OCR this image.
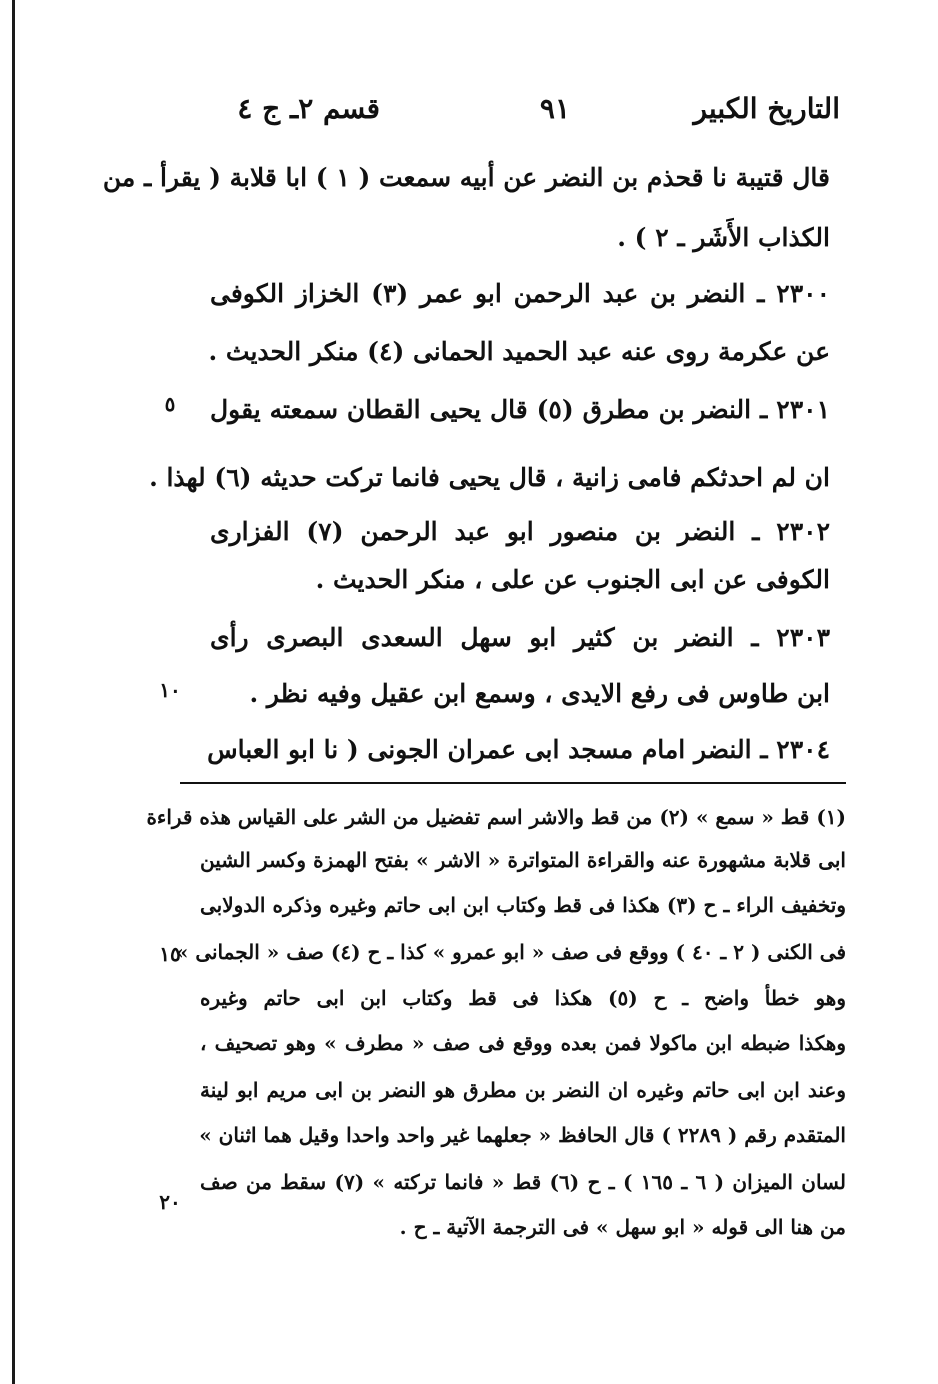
التاريخ الكبير
٩١
قسم ٢ـ ج ٤
قال قتيبة نا قحذم بن النضر عن أبيه سمعت ( ١ ) ابا قلابة ( يقرأ ـ من
الكذاب الأَشَر ـ ٢ ) .
٢٣٠٠ ـ النضر بن عبد الرحمن ابو عمر (٣) الخزاز الكوفى
عن عكرمة روى عنه عبد الحميد الحمانى (٤) منكر الحديث .
٢٣٠١ ـ النضر بن مطرق (٥) قال يحيى القطان سمعته يقول
ان لم احدثكم فامى زانية ، قال يحيى فانما تركت حديثه (٦) لهذا .
٢٣٠٢ ـ النضر بن منصور ابو عبد الرحمن (٧) الفزارى
الكوفى عن ابى الجنوب عن على ، منكر الحديث .
٢٣٠٣ ـ النضر بن كثير ابو سهل السعدى البصرى رأى
ابن طاوس فى رفع الايدى ، وسمع ابن عقيل وفيه نظر .
٢٣٠٤ ـ النضر امام مسجد ابى عمران الجونى ( نا ابو العباس
٥
١٠
(١) قط « سمع » (٢) من قط والاشر اسم تفضيل من الشر على القياس هذه قراءة
ابى قلابة مشهورة عنه والقراءة المتواترة « الاشر » بفتح الهمزة وكسر الشين
وتخفيف الراء ـ ح (٣) هكذا فى قط وكتاب ابن ابى حاتم وغيره وذكره الدولابى
فى الكنى ( ٢ ـ ٤٠ ) ووقع فى صف « ابو عمرو » كذا ـ ح (٤) صف « الجمانى »
وهو خطأ واضح ـ ح (٥) هكذا فى قط وكتاب ابن ابى حاتم وغيره
وهكذا ضبطه ابن ماكولا فمن بعده ووقع فى صف « مطرف » وهو تصحيف ،
وعند ابن ابى حاتم وغيره ان النضر بن مطرق هو النضر بن ابى مريم ابو لينة
المتقدم رقم ( ٢٢٨٩ ) قال الحافظ « جعلهما غير واحد واحدا وقيل هما اثنان »
لسان الميزان ( ٦ ـ ١٦٥ ) ـ ح (٦) قط « فانما تركته » (٧) سقط من صف
من هنا الى قوله « ابو سهل » فى الترجمة الآتية ـ ح .
١٥
٢٠
